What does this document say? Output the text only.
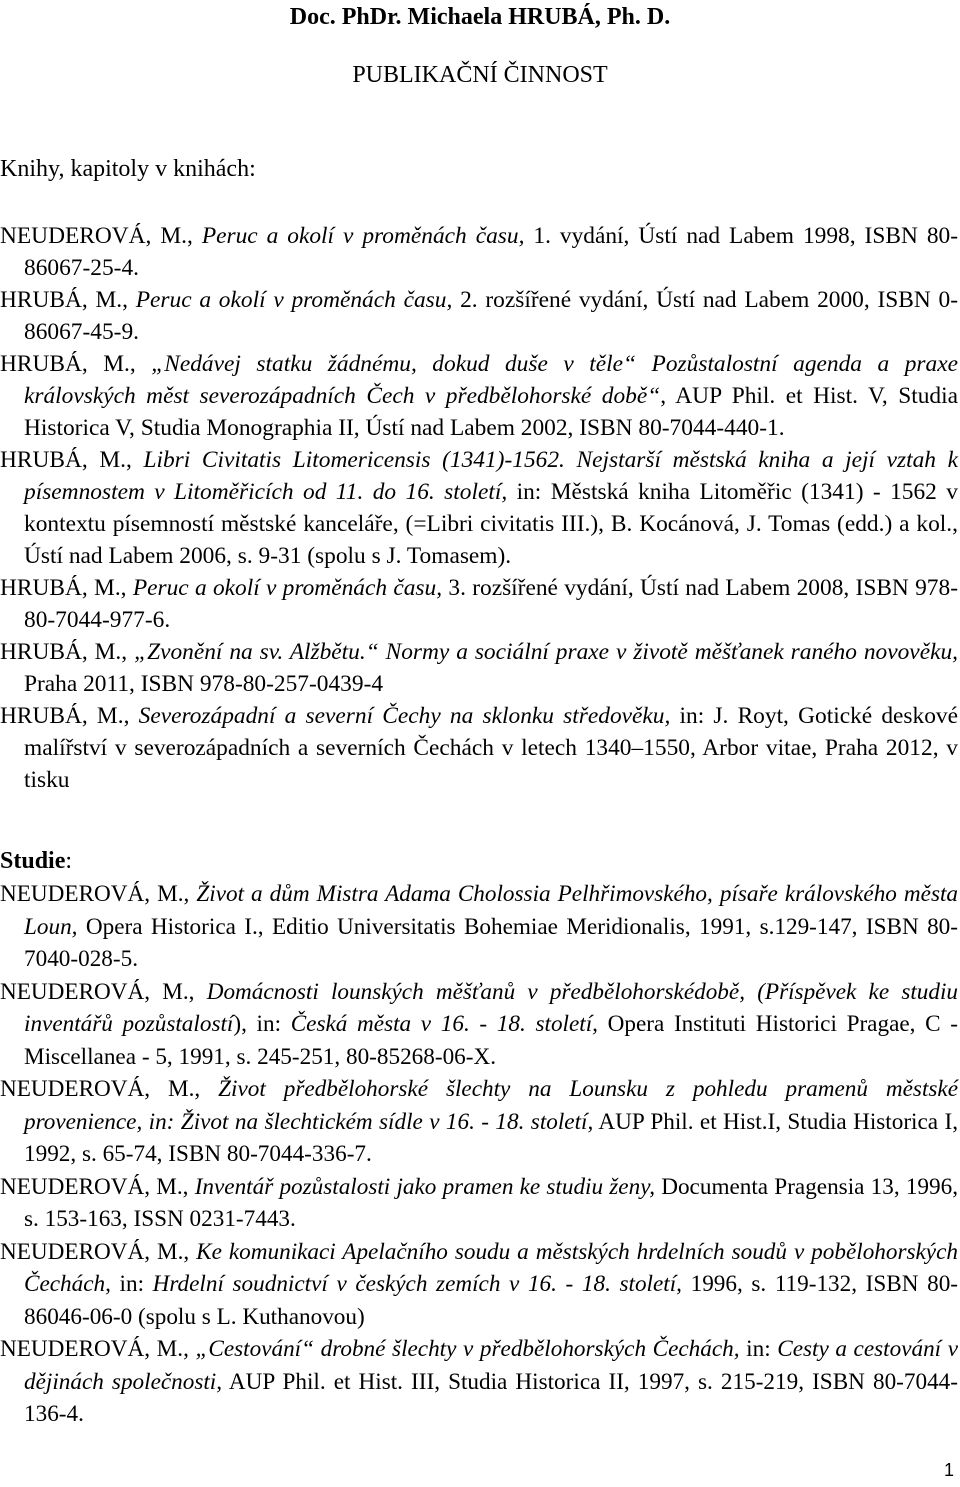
Doc. PhDr. Michaela HRUBÁ, Ph. D.
PUBLIKAČNÍ ČINNOST
Knihy, kapitoly v knihách:
NEUDEROVÁ, M., Peruc a okolí v proměnách času, 1. vydání, Ústí nad Labem 1998, ISBN 80-86067-25-4.
HRUBÁ, M., Peruc a okolí v proměnách času, 2. rozšířené vydání, Ústí nad Labem 2000, ISBN 0-86067-45-9.
HRUBÁ, M., „Nedávej statku žádnému, dokud duše v těle“ Pozůstalostní agenda a praxe královských měst severozápadních Čech v předbělohorské době“, AUP Phil. et Hist. V, Studia Historica V, Studia Monographia II, Ústí nad Labem 2002, ISBN 80-7044-440-1.
HRUBÁ, M., Libri Civitatis Litomericensis (1341)-1562. Nejstarší městská kniha a její vztah k písemnostem v Litoměřicích od 11. do 16. století, in: Městská kniha Litoměřic (1341) - 1562 v kontextu písemností městské kanceláře, (=Libri civitatis III.), B. Kocánová, J. Tomas (edd.) a kol., Ústí nad Labem 2006, s. 9-31 (spolu s J. Tomasem).
HRUBÁ, M., Peruc a okolí v proměnách času, 3. rozšířené vydání, Ústí nad Labem 2008, ISBN 978-80-7044-977-6.
HRUBÁ, M., „Zvonění na sv. Alžbětu.“ Normy a sociální praxe v životě měšťanek raného novověku, Praha 2011, ISBN 978-80-257-0439-4
HRUBÁ, M., Severozápadní a severní Čechy na sklonku středověku, in: J. Royt, Gotické deskové malířství v severozápadních a severních Čechách v letech 1340–1550, Arbor vitae, Praha 2012, v tisku
Studie:
NEUDEROVÁ, M., Život a dům Mistra Adama Cholossia Pelhřimovského, písaře královského města Loun, Opera Historica I., Editio Universitatis Bohemiae Meridionalis, 1991, s.129-147, ISBN 80-7040-028-5.
NEUDEROVÁ, M., Domácnosti lounských měšťanů v předbělohorskédobě, (Příspěvek ke studiu inventářů pozůstalostí), in: Česká města v 16. - 18. století, Opera Instituti Historici Pragae, C - Miscellanea - 5, 1991, s. 245-251, 80-85268-06-X.
NEUDEROVÁ, M., Život předbělohorské šlechty na Lounsku z pohledu pramenů městské provenience, in: Život na šlechtickém sídle v 16. - 18. století, AUP Phil. et Hist.I, Studia Historica I, 1992, s. 65-74, ISBN 80-7044-336-7.
NEUDEROVÁ, M., Inventář pozůstalosti jako pramen ke studiu ženy, Documenta Pragensia 13, 1996, s. 153-163, ISSN 0231-7443.
NEUDEROVÁ, M., Ke komunikaci Apelačního soudu a městských hrdelních soudů v pobělohorských Čechách, in: Hrdelní soudnictví v českých zemích v 16. - 18. století, 1996, s. 119-132, ISBN 80-86046-06-0 (spolu s L. Kuthanovou)
NEUDEROVÁ, M., „Cestování“ drobné šlechty v předbělohorských Čechách, in: Cesty a cestování v dějinách společnosti, AUP Phil. et Hist. III, Studia Historica II, 1997, s. 215-219, ISBN 80-7044-136-4.
1
